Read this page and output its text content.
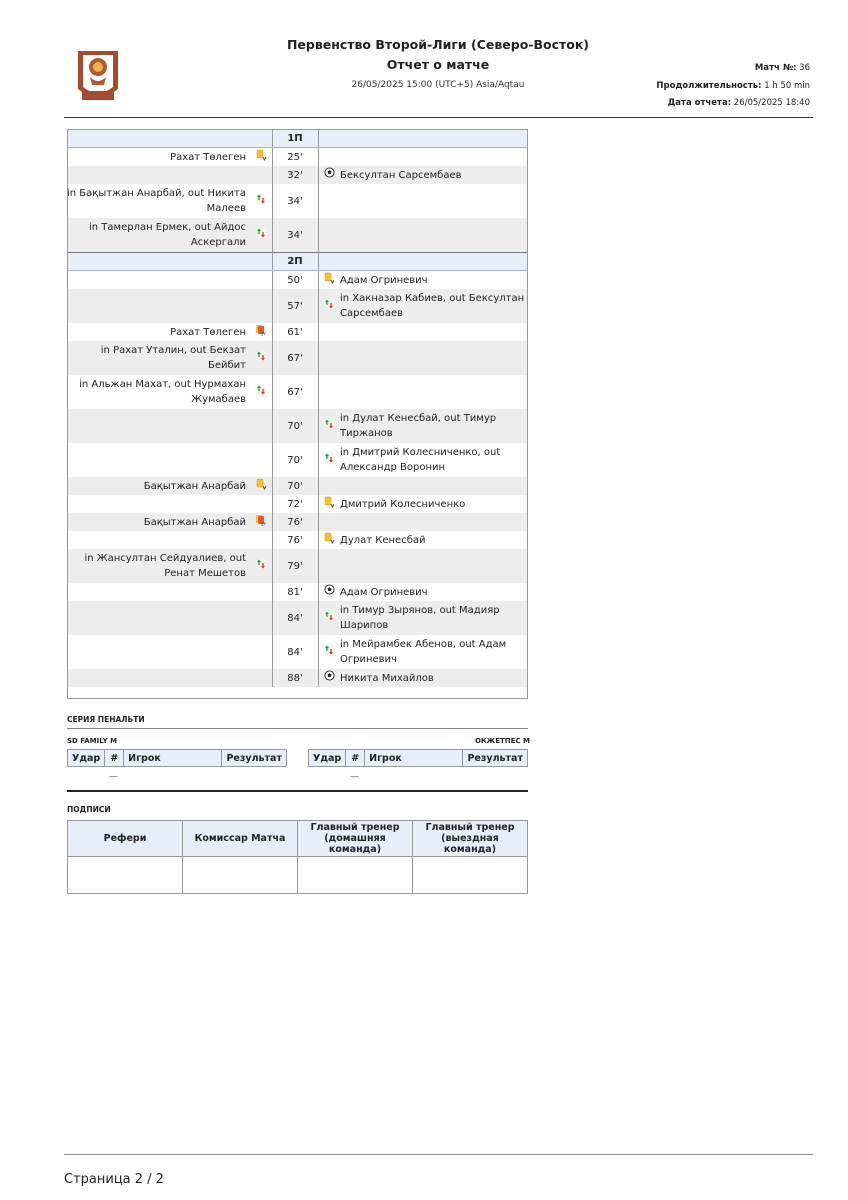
Первенство Второй-Лиги (Северо-Восток)
Отчет о матче
26/05/2025 15:00 (UTC+5) Asia/Aqtau
Матч №: 36
Продолжительность: 1 h 50 min
Дата отчета: 26/05/2025 18:40
		1П		
Рахат Төлеген		25'		
		32'		Бексултан Сарсембаев
in Бақытжан Анарбай, out Никита Малеев		34'		
in Тамерлан Ермек, out Айдос Аскергали		34'		
		2П		
		50'		Адам Огриневич
		57'		in Хакназар Кабиев, out Бексултан Сарсембаев
Рахат Төлеген	2Y	61'		
in Рахат Уталин, out Бекзат Бейбит		67'		
in Альжан Махат, out Нурмахан Жумабаев		67'		
		70'		in Дулат Кенесбай, out Тимур Тиржанов
		70'		in Дмитрий Колесниченко, out Александр Воронин
Бақытжан Анарбай		70'		
		72'		Дмитрий Колесниченко
Бақытжан Анарбай	2Y	76'		
		76'		Дулат Кенесбай
in Жансултан Сейдуалиев, out Ренат Мешетов		79'		
		81'		Адам Огриневич
		84'		in Тимур Зырянов, out Мадияр Шарипов
		84'		in Мейрамбек Абенов, out Адам Огриневич
		88'		Никита Михайлов
СЕРИЯ ПЕНАЛЬТИ
SD FAMILY M	ОКЖЕТПЕС М
Удар	#	Игрок	Результат	Удар	#	Игрок	Результат
—	—
ПОДПИСИ
Рефери	Комиссар Матча	Главный тренер (домашняя команда)	Главный тренер (выездная команда)

Страница 2 / 2
